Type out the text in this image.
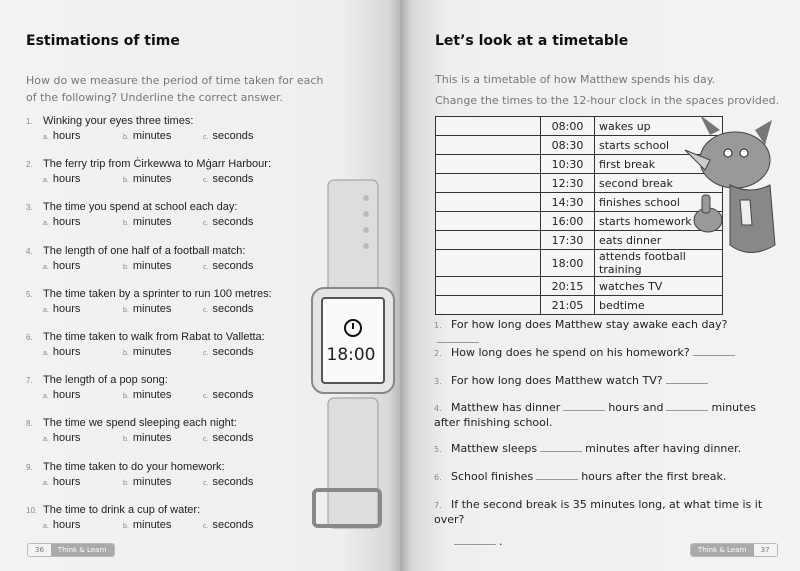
Estimations of time
How do we measure the period of time taken for each of the following? Underline the correct answer.
1. Winking your eyes three times:
a. hours	b. minutes	c. seconds
2. The ferry trip from Ċirkewwa to Mġarr Harbour:
a. hours	b. minutes	c. seconds
3. The time you spend at school each day:
a. hours	b. minutes	c. seconds
4. The length of one half of a football match:
a. hours	b. minutes	c. seconds
5. The time taken by a sprinter to run 100 metres:
a. hours	b. minutes	c. seconds
6. The time taken to walk from Rabat to Valletta:
a. hours	b. minutes	c. seconds
7. The length of a pop song:
a. hours	b. minutes	c. seconds
8. The time we spend sleeping each night:
a. hours	b. minutes	c. seconds
9. The time taken to do your homework:
a. hours	b. minutes	c. seconds
10. The time to drink a cup of water:
a. hours	b. minutes	c. seconds
18:00
36	Think & Learn
Let’s look at a timetable
This is a timetable of how Matthew spends his day.
Change the times to the 12-hour clock in the spaces provided.
	08:00	wakes up
	08:30	starts school
	10:30	first break
	12:30	second break
	14:30	finishes school
	16:00	starts homework
	17:30	eats dinner
	18:00	attends football training
	20:15	watches TV
	21:05	bedtime
1. For how long does Matthew stay awake each day?
2. How long does he spend on his homework?
3. For how long does Matthew watch TV?
4. Matthew has dinner	hours and	minutes after finishing school.
5. Matthew sleeps	minutes after having dinner.
6. School finishes	hours after the first break.
7. If the second break is 35 minutes long, at what time is it over?
.
Think & Learn	37
